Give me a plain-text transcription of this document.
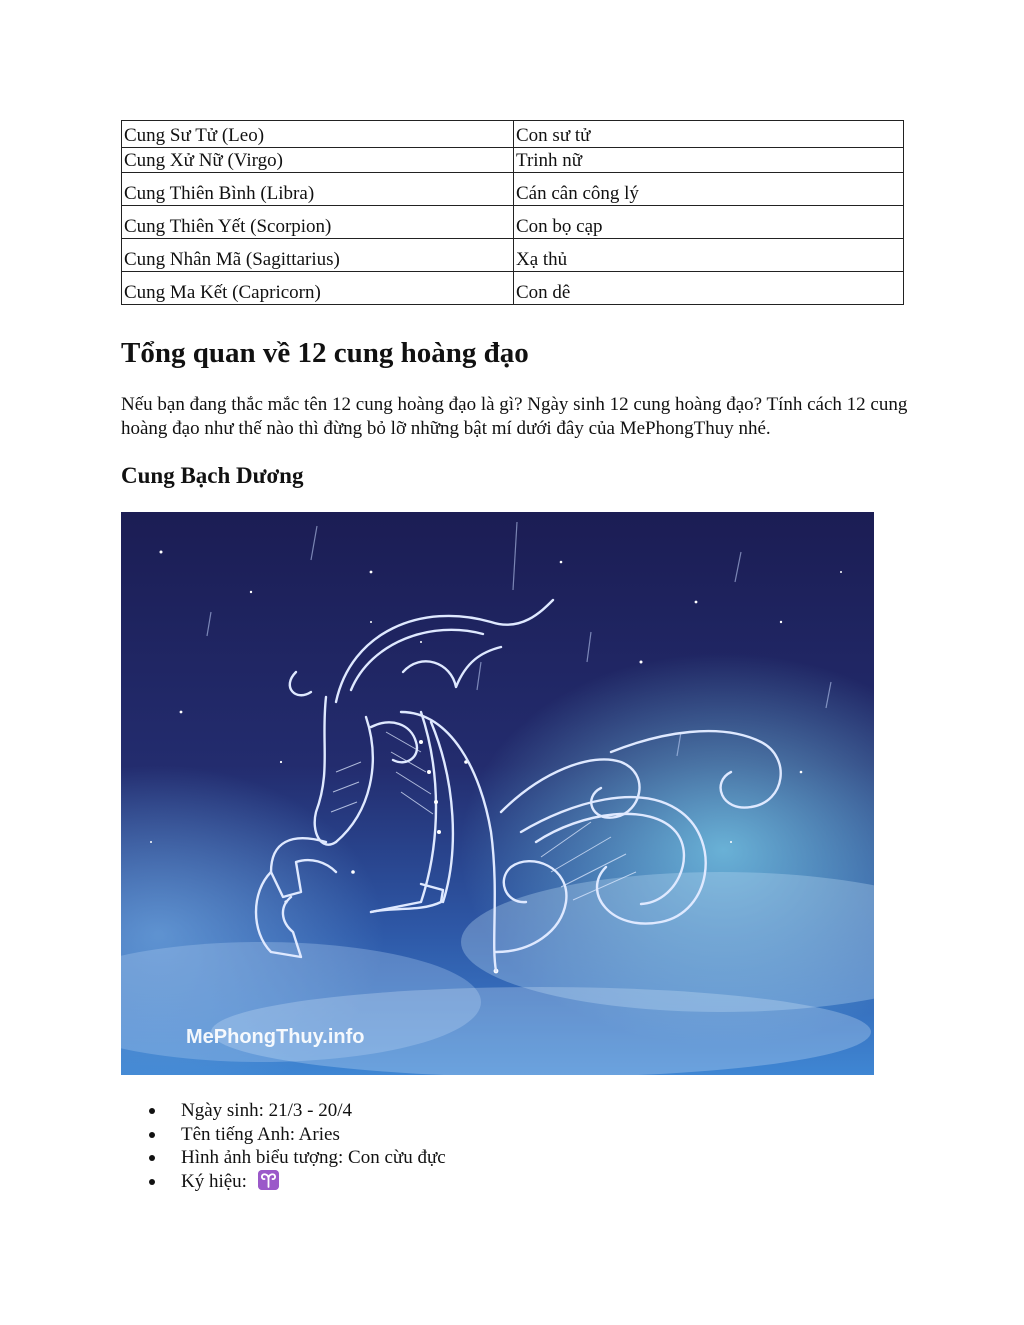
Cung Sư Tử (Leo)	Con sư tử
Cung Xử Nữ (Virgo)	Trinh nữ
Cung Thiên Bình (Libra)	Cán cân công lý
Cung Thiên Yết (Scorpion)	Con bọ cạp
Cung Nhân Mã (Sagittarius)	Xạ thủ
Cung Ma Kết (Capricorn)	Con dê
Tổng quan về 12 cung hoàng đạo

Nếu bạn đang thắc mắc tên 12 cung hoàng đạo là gì? Ngày sinh 12 cung hoàng đạo? Tính cách 12 cung hoàng đạo như thế nào thì đừng bỏ lỡ những bật mí dưới đây của MePhongThuy nhé.

Cung Bạch Dương
MePhongThuy.info
Ngày sinh: 21/3 - 20/4
Tên tiếng Anh: Aries
Hình ảnh biểu tượng: Con cừu đực
Ký hiệu:
